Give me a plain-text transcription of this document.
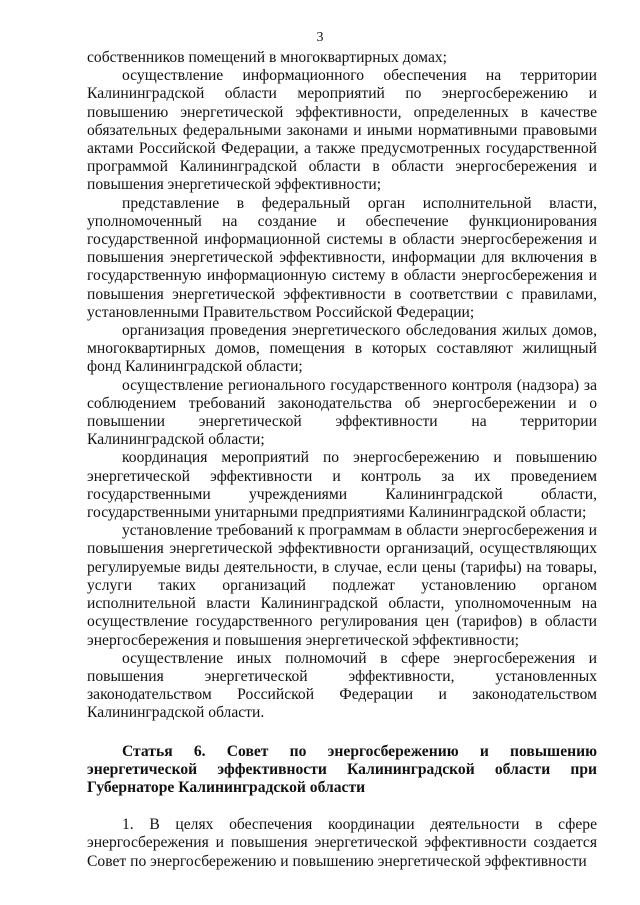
3

собственников помещений в многоквартирных домах;

осуществление информационного обеспечения на территории Калининградской области мероприятий по энергосбережению и повышению энергетической эффективности, определенных в качестве обязательных федеральными законами и иными нормативными правовыми актами Российской Федерации, а также предусмотренных государственной программой Калининградской области в области энергосбережения и повышения энергетической эффективности;

представление в федеральный орган исполнительной власти, уполномоченный на создание и обеспечение функционирования государственной информационной системы в области энергосбережения и повышения энергетической эффективности, информации для включения в государственную информационную систему в области энергосбережения и повышения энергетической эффективности в соответствии с правилами, установленными Правительством Российской Федерации;

организация проведения энергетического обследования жилых домов, многоквартирных домов, помещения в которых составляют жилищный фонд Калининградской области;

осуществление регионального государственного контроля (надзора) за соблюдением требований законодательства об энергосбережении и о повышении энергетической эффективности на территории Калининградской области;

координация мероприятий по энергосбережению и повышению энергетической эффективности и контроль за их проведением государственными учреждениями Калининградской области, государственными унитарными предприятиями Калининградской области;

установление требований к программам в области энергосбережения и повышения энергетической эффективности организаций, осуществляющих регулируемые виды деятельности, в случае, если цены (тарифы) на товары, услуги таких организаций подлежат установлению органом исполнительной власти Калининградской области, уполномоченным на осуществление государственного регулирования цен (тарифов) в области энергосбережения и повышения энергетической эффективности;

осуществление иных полномочий в сфере энергосбережения и повышения энергетической эффективности, установленных законодательством Российской Федерации и законодательством Калининградской области.

Статья 6. Совет по энергосбережению и повышению энергетической эффективности Калининградской области при Губернаторе Калининградской области

1. В целях обеспечения координации деятельности в сфере энергосбережения и повышения энергетической эффективности создается Совет по энергосбережению и повышению энергетической эффективности
